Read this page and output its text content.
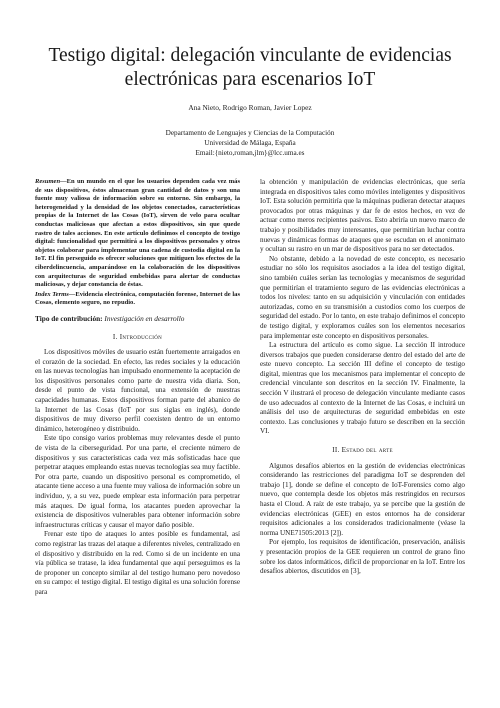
Testigo digital: delegación vinculante de evidencias electrónicas para escenarios IoT
Ana Nieto, Rodrigo Roman, Javier Lopez
Departamento de Lenguajes y Ciencias de la Computación
Universidad de Málaga, España
Email:{nieto,roman,jlm}@lcc.uma.es
Resumen—En un mundo en el que los usuarios dependen cada vez más de sus dispositivos, éstos almacenan gran cantidad de datos y son una fuente muy valiosa de información sobre su entorno. Sin embargo, la heterogeneidad y la densidad de los objetos conectados, características propias de la Internet de las Cosas (IoT), sirven de velo para ocultar conductas maliciosas que afectan a estos dispositivos, sin que quede rastro de tales acciones. En este artículo definimos el concepto de testigo digital: funcionalidad que permitirá a los dispositivos personales y otros objetos colaborar para implementar una cadena de custodia digital en la IoT. El fin perseguido es ofrecer soluciones que mitiguen los efectos de la ciberdelincuencia, amparándose en la colaboración de los dispositivos con arquitecturas de seguridad embebidas para alertar de conductas maliciosas, y dejar constancia de éstas.
Index Terms—Evidencia electrónica, computación forense, Internet de las Cosas, elemento seguro, no repudio.
Tipo de contribución: Investigación en desarrollo
I. Introducción

Los dispositivos móviles de usuario están fuertemente arraigados en el corazón de la sociedad. En efecto, las redes sociales y la educación en las nuevas tecnologías han impulsado enormemente la aceptación de los dispositivos personales como parte de nuestra vida diaria. Son, desde el punto de vista funcional, una extensión de nuestras capacidades humanas. Estos dispositivos forman parte del abanico de la Internet de las Cosas (IoT por sus siglas en inglés), donde dispositivos de muy diverso perfil coexisten dentro de un entorno dinámico, heterogéneo y distribuido.

Este tipo consigo varios problemas muy relevantes desde el punto de vista de la ciberseguridad. Por una parte, el creciente número de dispositivos y sus características cada vez más sofisticadas hace que perpetrar ataques empleando estas nuevas tecnologías sea muy factible. Por otra parte, cuando un dispositivo personal es comprometido, el atacante tiene acceso a una fuente muy valiosa de información sobre un individuo, y, a su vez, puede emplear esta información para perpetrar más ataques. De igual forma, los atacantes pueden aprovechar la existencia de dispositivos vulnerables para obtener información sobre infraestructuras críticas y causar el mayor daño posible.

Frenar este tipo de ataques lo antes posible es fundamental, así como registrar las trazas del ataque a diferentes niveles, centralizado en el dispositivo y distribuido en la red. Como si de un incidente en una vía pública se tratase, la idea fundamental que aquí perseguimos es la de proponer un concepto similar al del testigo humano pero novedoso en su campo: el testigo digital. El testigo digital es una solución forense para

la obtención y manipulación de evidencias electrónicas, que sería integrada en dispositivos tales como móviles inteligentes y dispositivos IoT. Esta solución permitiría que la máquinas pudieran detectar ataques provocados por otras máquinas y dar fe de estos hechos, en vez de actuar como meros recipientes pasivos. Esto abriría un nuevo marco de trabajo y posibilidades muy interesantes, que permitirían luchar contra nuevas y dinámicas formas de ataques que se escudan en el anonimato y ocultan su rastro en un mar de dispositivos para no ser detectados.

No obstante, debido a la novedad de este concepto, es necesario estudiar no sólo los requisitos asociados a la idea del testigo digital, sino también cuáles serían las tecnologías y mecanismos de seguridad que permitirían el tratamiento seguro de las evidencias electrónicas a todos los niveles: tanto en su adquisición y vinculación con entidades autorizadas, como en su transmisión a custodios como los cuerpos de seguridad del estado. Por lo tanto, en este trabajo definimos el concepto de testigo digital, y exploramos cuáles son los elementos necesarios para implementar este concepto en dispositivos personales.

La estructura del artículo es como sigue. La sección II introduce diversos trabajos que pueden considerarse dentro del estado del arte de este nuevo concepto. La sección III define el concepto de testigo digital, mientras que los mecanismos para implementar el concepto de credencial vinculante son descritos en la sección IV. Finalmente, la sección V ilustrará el proceso de delegación vinculante mediante casos de uso adecuados al contexto de la Internet de las Cosas, e incluirá un análisis del uso de arquitecturas de seguridad embebidas en este contexto. Las conclusiones y trabajo futuro se describen en la sección VI.

II. Estado del arte

Algunos desafíos abiertos en la gestión de evidencias electrónicas considerando las restricciones del paradigma IoT se desprenden del trabajo [1], donde se define el concepto de IoT-Forensics como algo nuevo, que contempla desde los objetos más restringidos en recursos hasta el Cloud. A raíz de este trabajo, ya se percibe que la gestión de evidencias electrónicas (GEE) en estos entornos ha de considerar requisitos adicionales a los considerados tradicionalmente (véase la norma UNE71505:2013 [2]).

Por ejemplo, los requisitos de identificación, preservación, análisis y presentación propios de la GEE requieren un control de grano fino sobre los datos informáticos, difícil de proporcionar en la IoT. Entre los desafíos abiertos, discutidos en [3],
